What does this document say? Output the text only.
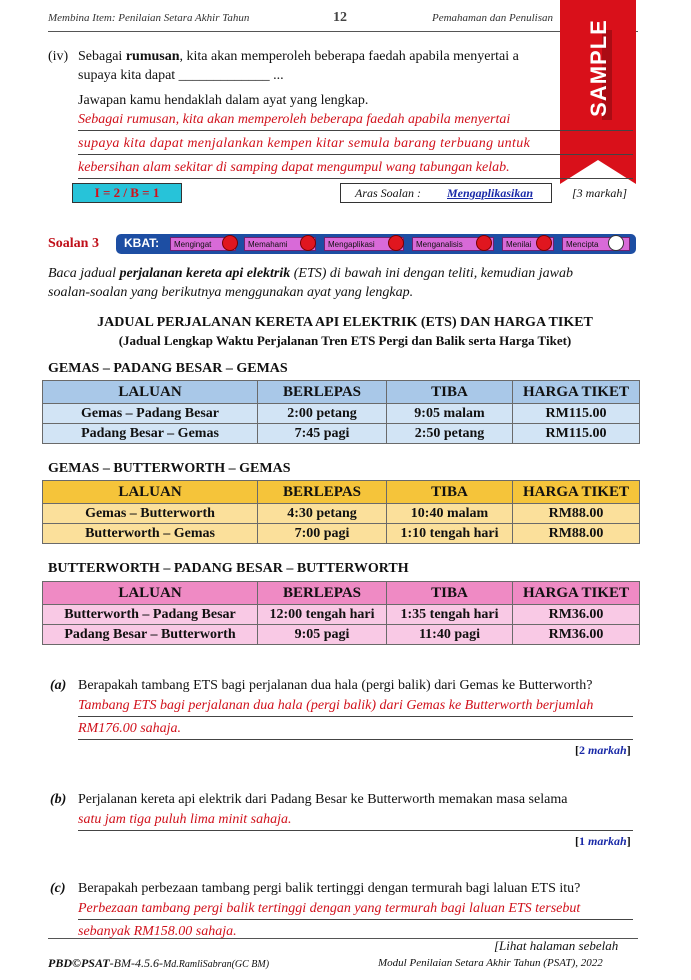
Membina Item: Penilaian Setara Akhir Tahun	12	Pemahaman dan Penulisan
SAMPLE
(iv) Sebagai rumusan, kita akan memperoleh beberapa faedah apabila menyertai a
supaya kita dapat _____________ ...
Jawapan kamu hendaklah dalam ayat yang lengkap.
Sebagai rumusan, kita akan memperoleh beberapa faedah apabila menyertai
supaya kita dapat menjalankan kempen kitar semula barang terbuang untuk
kebersihan alam sekitar di samping dapat mengumpul wang tabungan kelab.
I = 2 / B = 1	Aras Soalan : Mengaplikasikan	[3 markah]
Soalan 3 KBAT:	Mengingat	Memahami	Mengaplikasi	Menganalisis	Menilai	Mencipta
Baca jadual perjalanan kereta api elektrik (ETS) di bawah ini dengan teliti, kemudian jawab
soalan-soalan yang berikutnya menggunakan ayat yang lengkap.
JADUAL PERJALANAN KERETA API ELEKTRIK (ETS) DAN HARGA TIKET
(Jadual Lengkap Waktu Perjalanan Tren ETS Pergi dan Balik serta Harga Tiket)
GEMAS – PADANG BESAR – GEMAS
LALUAN	BERLEPAS	TIBA	HARGA TIKET
Gemas – Padang Besar	2:00 petang	9:05 malam	RM115.00
Padang Besar – Gemas	7:45 pagi	2:50 petang	RM115.00
GEMAS – BUTTERWORTH – GEMAS
LALUAN	BERLEPAS	TIBA	HARGA TIKET
Gemas – Butterworth	4:30 petang	10:40 malam	RM88.00
Butterworth – Gemas	7:00 pagi	1:10 tengah hari	RM88.00
BUTTERWORTH – PADANG BESAR – BUTTERWORTH
LALUAN	BERLEPAS	TIBA	HARGA TIKET
Butterworth – Padang Besar	12:00 tengah hari	1:35 tengah hari	RM36.00
Padang Besar – Butterworth	9:05 pagi	11:40 pagi	RM36.00
(a) Berapakah tambang ETS bagi perjalanan dua hala (pergi balik) dari Gemas ke Butterworth?
Tambang ETS bagi perjalanan dua hala (pergi balik) dari Gemas ke Butterworth berjumlah
RM176.00 sahaja.
[2 markah]
(b) Perjalanan kereta api elektrik dari Padang Besar ke Butterworth memakan masa selama
satu jam tiga puluh lima minit sahaja.
[1 markah]
(c) Berapakah perbezaan tambang pergi balik tertinggi dengan termurah bagi laluan ETS itu?
Perbezaan tambang pergi balik tertinggi dengan yang termurah bagi laluan ETS tersebut
sebanyak RM158.00 sahaja.
[Lihat halaman sebelah
PBD©PSAT-BM-4.5.6-Md.RamliSabran(GC BM)	Modul Penilaian Setara Akhir Tahun (PSAT), 2022
